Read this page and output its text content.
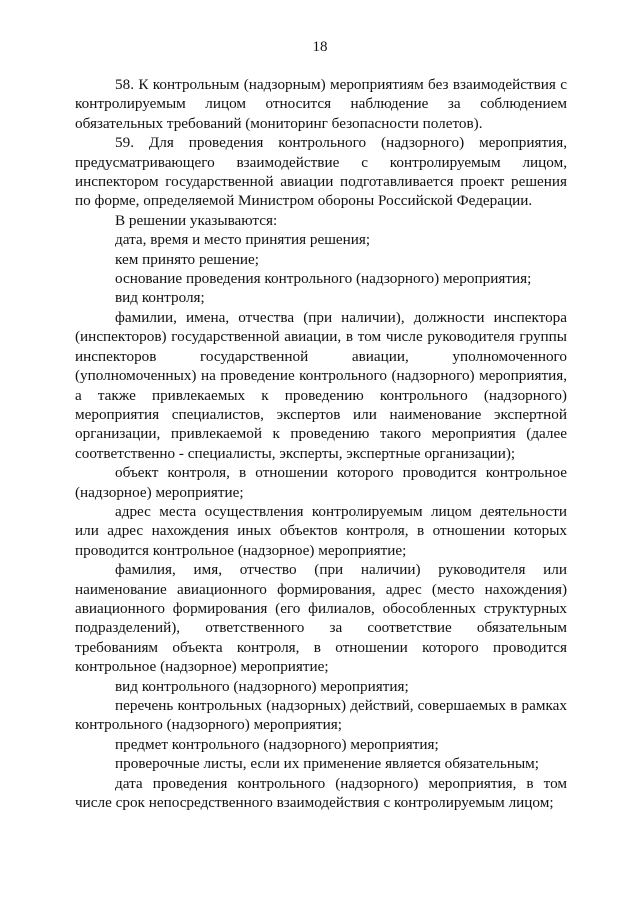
18

58. К контрольным (надзорным) мероприятиям без взаимодействия с контролируемым лицом относится наблюдение за соблюдением обязательных требований (мониторинг безопасности полетов).

59. Для проведения контрольного (надзорного) мероприятия, предусматривающего взаимодействие с контролируемым лицом, инспектором государственной авиации подготавливается проект решения по форме, определяемой Министром обороны Российской Федерации.

В решении указываются:

дата, время и место принятия решения;

кем принято решение;

основание проведения контрольного (надзорного) мероприятия;

вид контроля;

фамилии, имена, отчества (при наличии), должности инспектора (инспекторов) государственной авиации, в том числе руководителя группы инспекторов государственной авиации, уполномоченного (уполномоченных) на проведение контрольного (надзорного) мероприятия, а также привлекаемых к проведению контрольного (надзорного) мероприятия специалистов, экспертов или наименование экспертной организации, привлекаемой к проведению такого мероприятия (далее соответственно - специалисты, эксперты, экспертные организации);

объект контроля, в отношении которого проводится контрольное (надзорное) мероприятие;

адрес места осуществления контролируемым лицом деятельности или адрес нахождения иных объектов контроля, в отношении которых проводится контрольное (надзорное) мероприятие;

фамилия, имя, отчество (при наличии) руководителя или наименование авиационного формирования, адрес (место нахождения) авиационного формирования (его филиалов, обособленных структурных подразделений), ответственного за соответствие обязательным требованиям объекта контроля, в отношении которого проводится контрольное (надзорное) мероприятие;

вид контрольного (надзорного) мероприятия;

перечень контрольных (надзорных) действий, совершаемых в рамках контрольного (надзорного) мероприятия;

предмет контрольного (надзорного) мероприятия;

проверочные листы, если их применение является обязательным;

дата проведения контрольного (надзорного) мероприятия, в том числе срок непосредственного взаимодействия с контролируемым лицом;
